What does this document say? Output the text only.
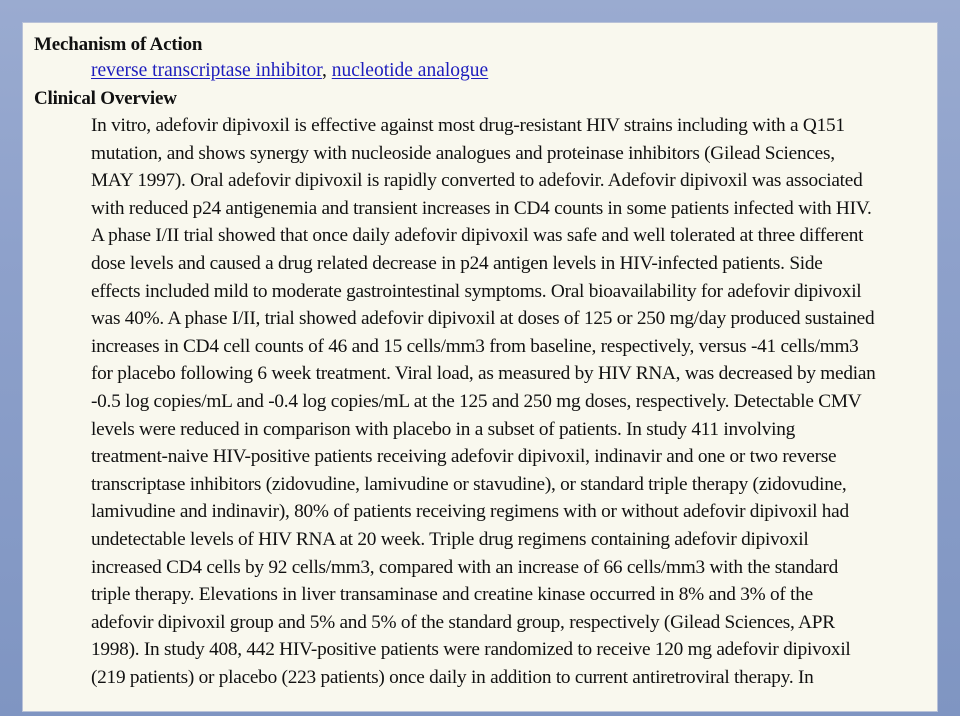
Mechanism of Action
reverse transcriptase inhibitor, nucleotide analogue
Clinical Overview
In vitro, adefovir dipivoxil is effective against most drug-resistant HIV strains including with a Q151
mutation, and shows synergy with nucleoside analogues and proteinase inhibitors (Gilead Sciences,
MAY 1997). Oral adefovir dipivoxil is rapidly converted to adefovir. Adefovir dipivoxil was associated
with reduced p24 antigenemia and transient increases in CD4 counts in some patients infected with HIV.
A phase I/II trial showed that once daily adefovir dipivoxil was safe and well tolerated at three different
dose levels and caused a drug related decrease in p24 antigen levels in HIV-infected patients. Side
effects included mild to moderate gastrointestinal symptoms. Oral bioavailability for adefovir dipivoxil
was 40%. A phase I/II, trial showed adefovir dipivoxil at doses of 125 or 250 mg/day produced sustained
increases in CD4 cell counts of 46 and 15 cells/mm3 from baseline, respectively, versus -41 cells/mm3
for placebo following 6 week treatment. Viral load, as measured by HIV RNA, was decreased by median
-0.5 log copies/mL and -0.4 log copies/mL at the 125 and 250 mg doses, respectively. Detectable CMV
levels were reduced in comparison with placebo in a subset of patients. In study 411 involving
treatment-naive HIV-positive patients receiving adefovir dipivoxil, indinavir and one or two reverse
transcriptase inhibitors (zidovudine, lamivudine or stavudine), or standard triple therapy (zidovudine,
lamivudine and indinavir), 80% of patients receiving regimens with or without adefovir dipivoxil had
undetectable levels of HIV RNA at 20 week. Triple drug regimens containing adefovir dipivoxil
increased CD4 cells by 92 cells/mm3, compared with an increase of 66 cells/mm3 with the standard
triple therapy. Elevations in liver transaminase and creatine kinase occurred in 8% and 3% of the
adefovir dipivoxil group and 5% and 5% of the standard group, respectively (Gilead Sciences, APR
1998). In study 408, 442 HIV-positive patients were randomized to receive 120 mg adefovir dipivoxil
(219 patients) or placebo (223 patients) once daily in addition to current antiretroviral therapy. In
